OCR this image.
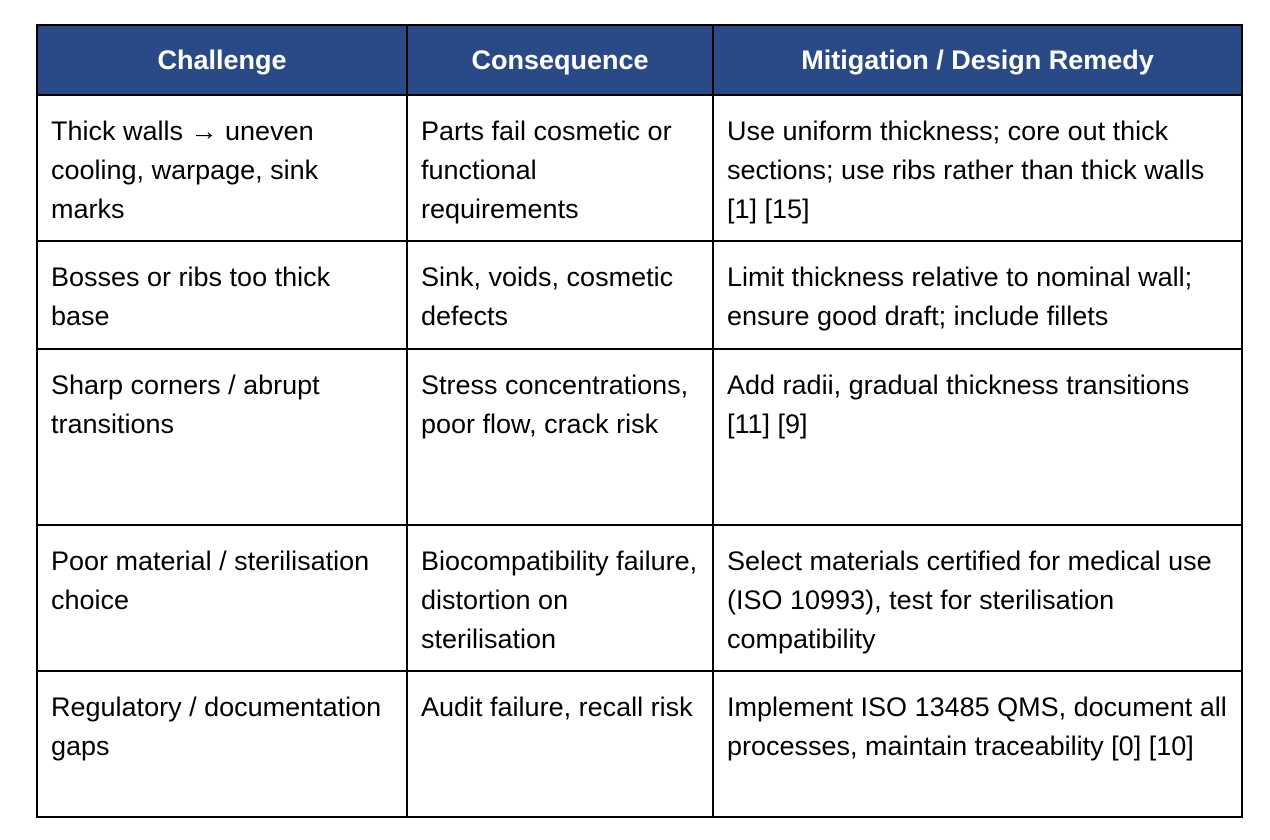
Challenge	Consequence	Mitigation / Design Remedy
Thick walls → uneven cooling, warpage, sink marks	Parts fail cosmetic or functional requirements	Use uniform thickness; core out thick sections; use ribs rather than thick walls [1] [15]
Bosses or ribs too thick base	Sink, voids, cosmetic defects	Limit thickness relative to nominal wall; ensure good draft; include fillets
Sharp corners / abrupt transitions	Stress concentrations, poor flow, crack risk	Add radii, gradual thickness transitions [11] [9]
Poor material / sterilisation choice	Biocompatibility failure, distortion on sterilisation	Select materials certified for medical use (ISO 10993), test for sterilisation compatibility
Regulatory / documentation gaps	Audit failure, recall risk	Implement ISO 13485 QMS, document all processes, maintain traceability [0] [10]
